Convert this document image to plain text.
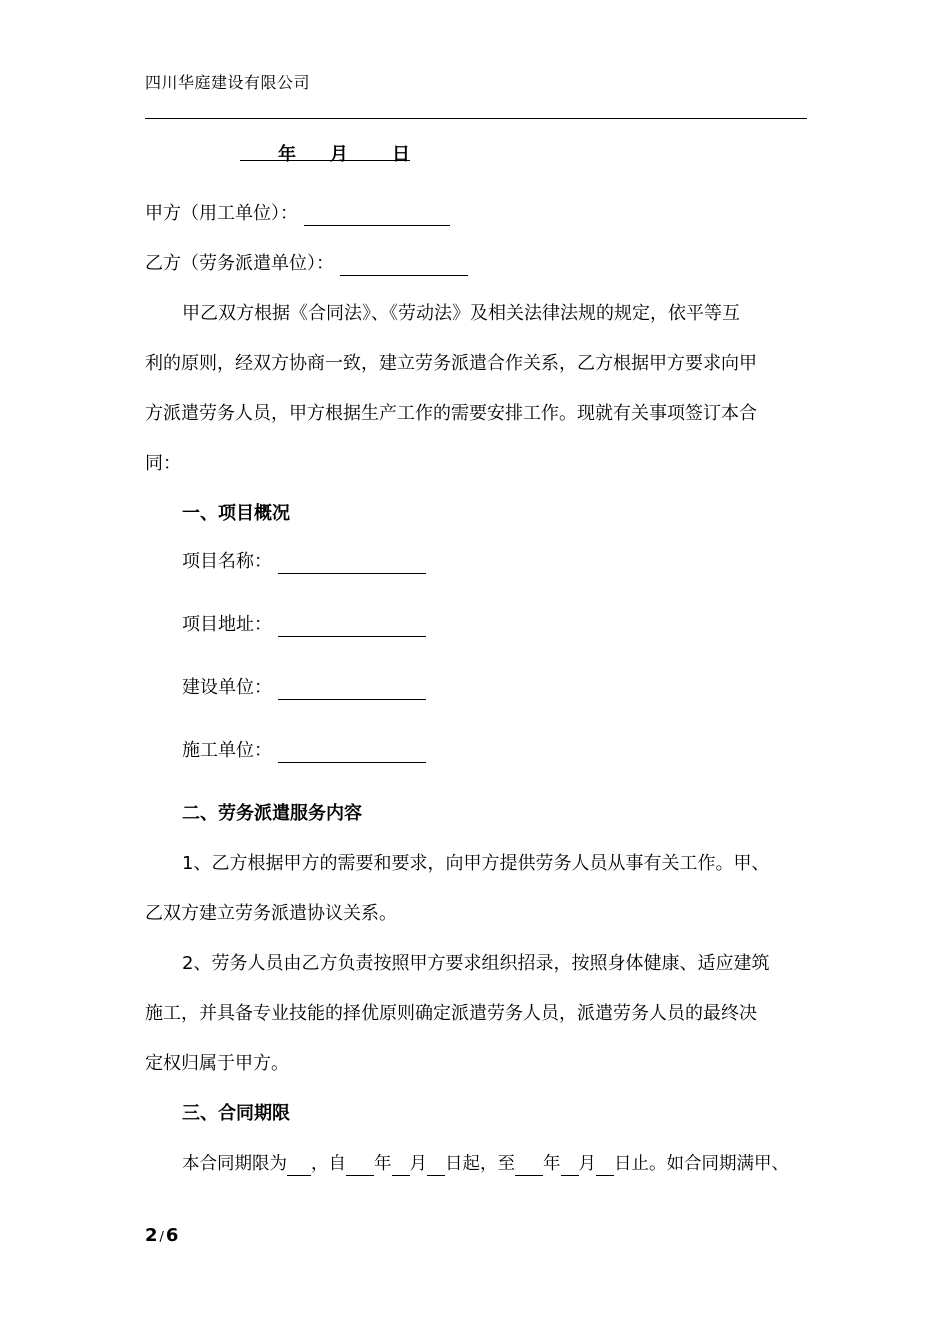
四川华庭建设有限公司
年 月 日
甲方（用工单位）：
乙方（劳务派遣单位）：
甲乙双方根据《合同法》、《劳动法》及相关法律法规的规定，依平等互
利的原则，经双方协商一致，建立劳务派遣合作关系，乙方根据甲方要求向甲
方派遣劳务人员，甲方根据生产工作的需要安排工作。现就有关事项签订本合
同：
一、项目概况
项目名称：
项目地址：
建设单位：
施工单位：
二、劳务派遣服务内容
1、乙方根据甲方的需要和要求，向甲方提供劳务人员从事有关工作。甲、
乙双方建立劳务派遣协议关系。
2、劳务人员由乙方负责按照甲方要求组织招录，按照身体健康、适应建筑
施工，并具备专业技能的择优原则确定派遣劳务人员，派遣劳务人员的最终决
定权归属于甲方。
三、合同期限
本合同期限为 ，自 年 月 日起，至 年 月 日止。如合同期满甲、
2 / 6
